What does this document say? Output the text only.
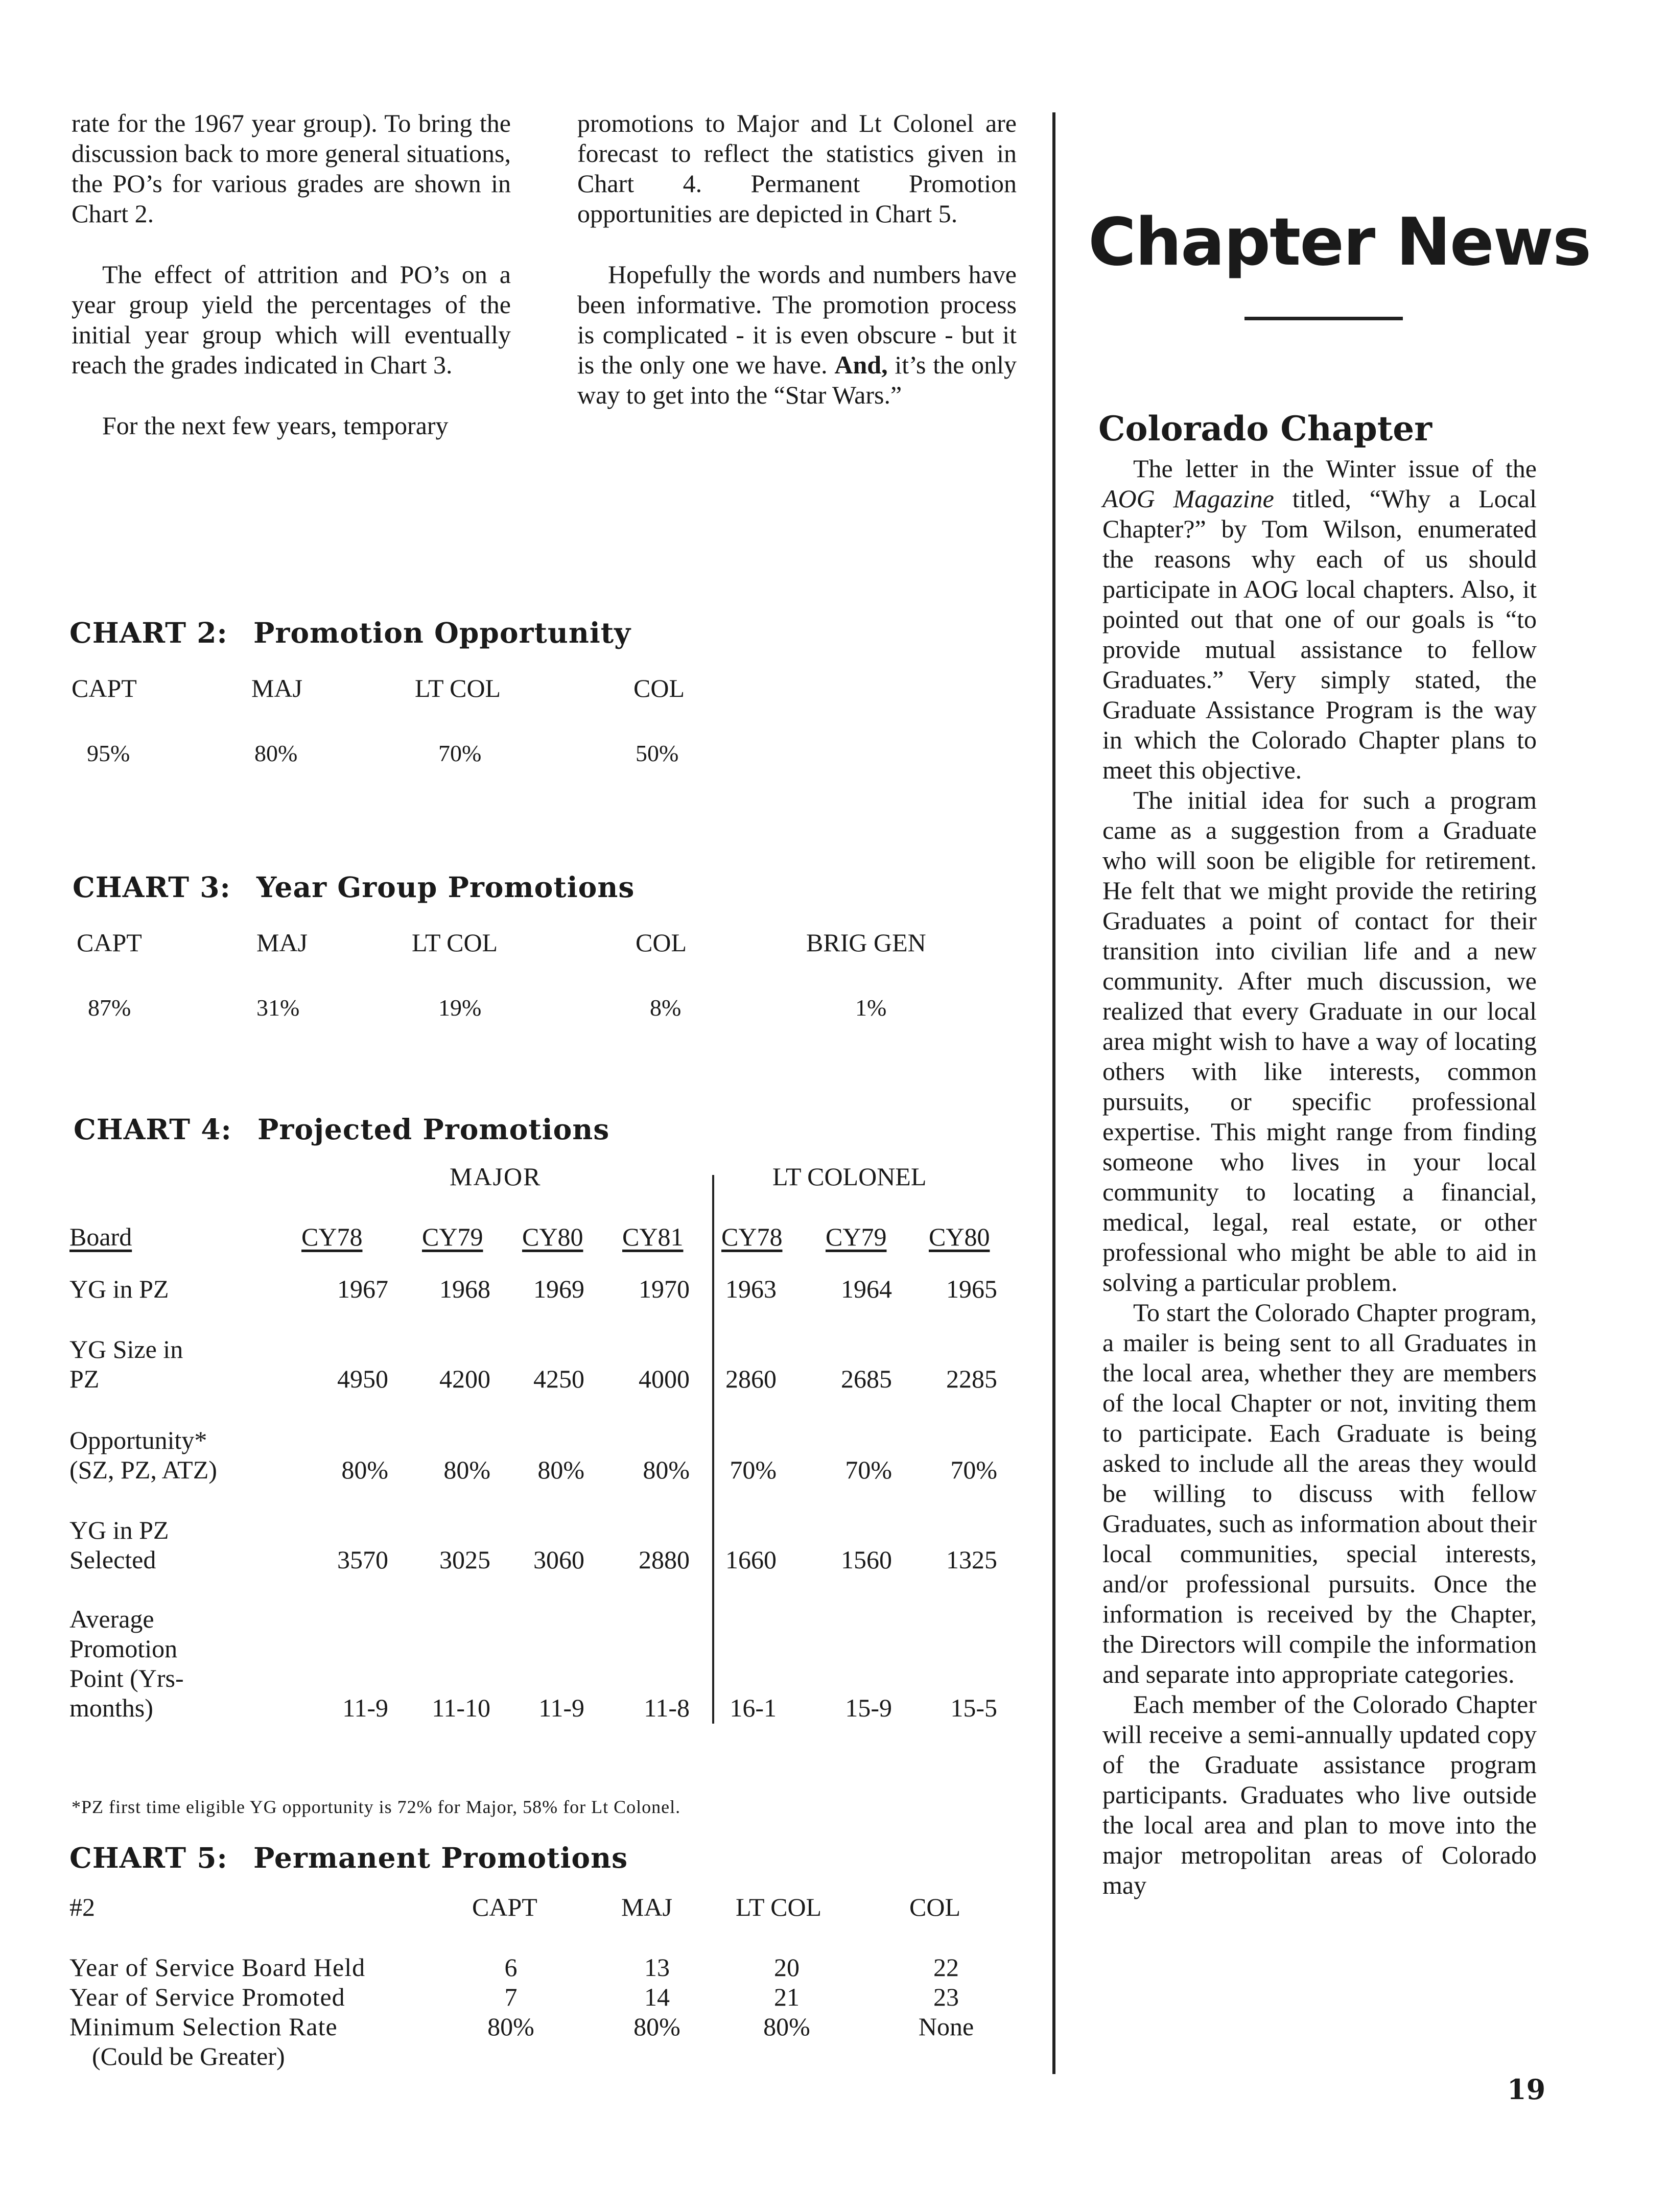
rate for the 1967 year group). To bring the discussion back to more general situations, the PO’s for various grades are shown in Chart 2.

The effect of attrition and PO’s on a year group yield the percentages of the initial year group which will eventually reach the grades indicated in Chart 3.

For the next few years, temporary

promotions to Major and Lt Colonel are forecast to reflect the statistics given in Chart 4. Permanent Promotion opportunities are depicted in Chart 5.

Hopefully the words and numbers have been informative. The promotion process is complicated - it is even obscure - but it is the only one we have. And, it’s the only way to get into the “Star Wars.”

CHART 2: Promotion Opportunity
CAPT	MAJ	LT COL	COL
95%	80%	70%	50%
CHART 3: Year Group Promotions
CAPT	MAJ	LT COL	COL	BRIG GEN
87%	31%	19%	8%	1%
CHART 4: Projected Promotions
MAJOR	LT COLONEL
Board	CY78 CY79 CY80 CY81 CY78 CY79 CY80
YG in PZ	1967	1968	1969	1970	1963	1964	1965
YG Size in
PZ	4950	4200	4250	4000	2860	2685	2285
Opportunity*
(SZ, PZ, ATZ)	80%	80%	80%	80%	70%	70%	70%
YG in PZ
Selected	3570	3025	3060	2880	1660	1560	1325
Average
Promotion
Point (Yrs-
months)	11-9	11-10	11-9	11-8	16-1	15-9	15-5
*PZ first time eligible YG opportunity is 72% for Major, 58% for Lt Colonel.
CHART 5: Permanent Promotions
#2	CAPT	MAJ LT COL	COL
Year of Service Board Held	6	13	20	22
Year of Service Promoted	7	14	21	23
Minimum Selection Rate	80%	80%	80%	None
(Could be Greater)
Chapter News
Colorado Chapter

The letter in the Winter issue of the AOG Magazine titled, “Why a Local Chapter?” by Tom Wilson, enumerated the reasons why each of us should participate in AOG local chapters. Also, it pointed out that one of our goals is “to provide mutual assistance to fellow Graduates.” Very simply stated, the Graduate Assistance Program is the way in which the Colorado Chapter plans to meet this objective.

The initial idea for such a program came as a suggestion from a Graduate who will soon be eligible for retirement. He felt that we might provide the retiring Graduates a point of contact for their transition into civilian life and a new community. After much discussion, we realized that every Graduate in our local area might wish to have a way of locating others with like interests, common pursuits, or specific professional expertise. This might range from finding someone who lives in your local community to locating a financial, medical, legal, real estate, or other professional who might be able to aid in solving a particular problem.

To start the Colorado Chapter program, a mailer is being sent to all Graduates in the local area, whether they are members of the local Chapter or not, inviting them to participate. Each Graduate is being asked to include all the areas they would be willing to discuss with fellow Graduates, such as information about their local communities, special interests, and/or professional pursuits. Once the information is received by the Chapter, the Directors will compile the information and separate into appropriate categories.

Each member of the Colorado Chapter will receive a semi-annually updated copy of the Graduate assistance program participants. Graduates who live outside the local area and plan to move into the major metropolitan areas of Colorado may

19
